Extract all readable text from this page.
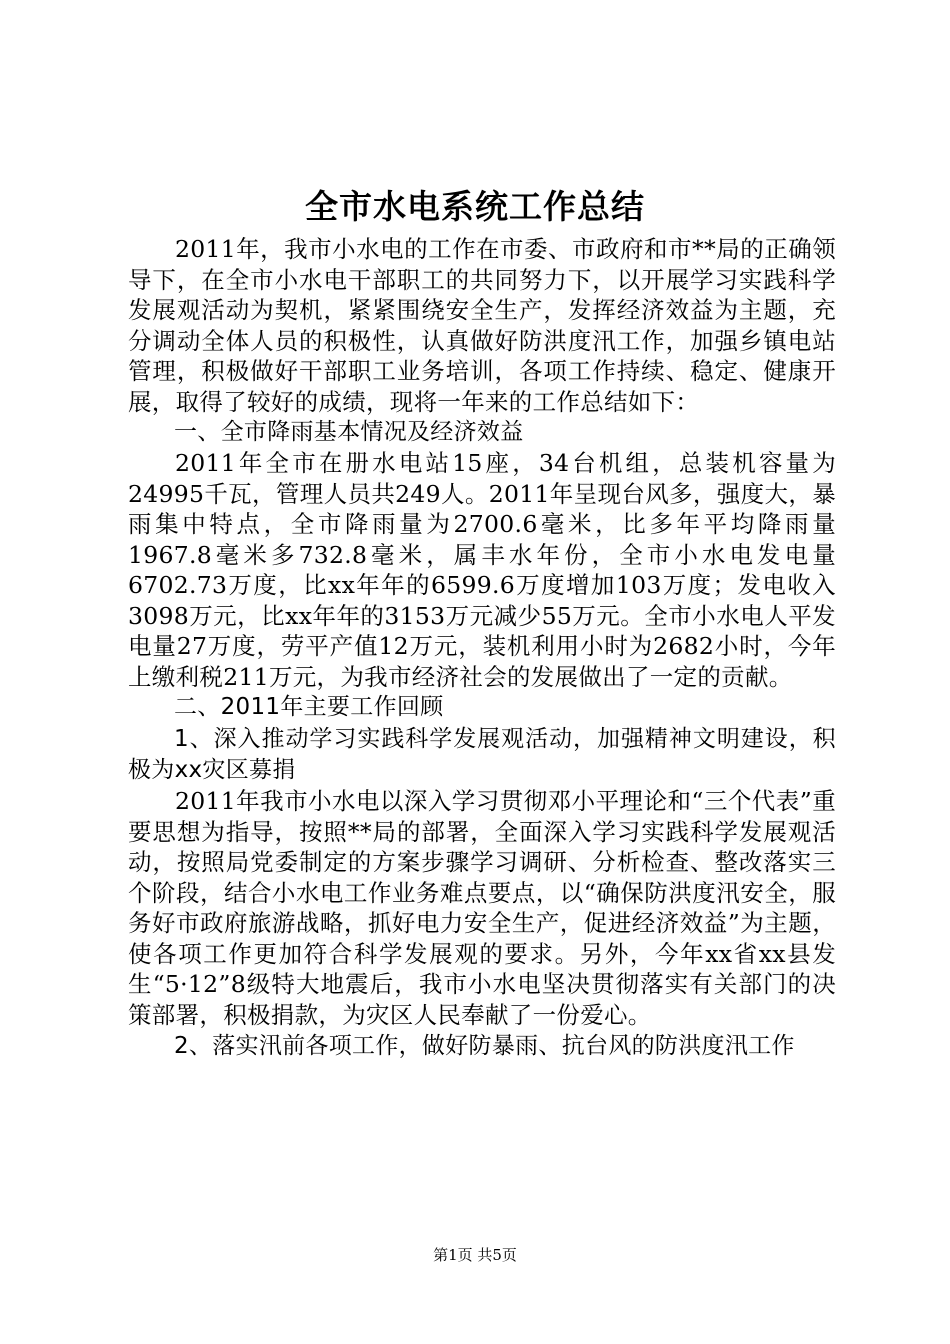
全市水电系统工作总结

2011年，我市小水电的工作在市委、市政府和市**局的正确领导下，在全市小水电干部职工的共同努力下，以开展学习实践科学发展观活动为契机，紧紧围绕安全生产，发挥经济效益为主题，充分调动全体人员的积极性，认真做好防洪度汛工作，加强乡镇电站管理，积极做好干部职工业务培训，各项工作持续、稳定、健康开展，取得了较好的成绩，现将一年来的工作总结如下：

一、全市降雨基本情况及经济效益

2011年全市在册水电站15座，34台机组，总装机容量为24995千瓦，管理人员共249人。2011年呈现台风多，强度大，暴雨集中特点，全市降雨量为2700.6毫米，比多年平均降雨量1967.8毫米多732.8毫米，属丰水年份，全市小水电发电量6702.73万度，比xx年年的6599.6万度增加103万度；发电收入3098万元，比xx年年的3153万元减少55万元。全市小水电人平发电量27万度，劳平产值12万元，装机利用小时为2682小时，今年上缴利税211万元，为我市经济社会的发展做出了一定的贡献。

二、2011年主要工作回顾

1、深入推动学习实践科学发展观活动，加强精神文明建设，积极为xx灾区募捐

2011年我市小水电以深入学习贯彻邓小平理论和“三个代表”重要思想为指导，按照**局的部署，全面深入学习实践科学发展观活动，按照局党委制定的方案步骤学习调研、分析检查、整改落实三个阶段，结合小水电工作业务难点要点，以“确保防洪度汛安全，服务好市政府旅游战略，抓好电力安全生产，促进经济效益”为主题，使各项工作更加符合科学发展观的要求。另外，今年xx省xx县发生“5·12”8级特大地震后，我市小水电坚决贯彻落实有关部门的决策部署，积极捐款，为灾区人民奉献了一份爱心。

2、落实汛前各项工作，做好防暴雨、抗台风的防洪度汛工作

第1页 共5页
